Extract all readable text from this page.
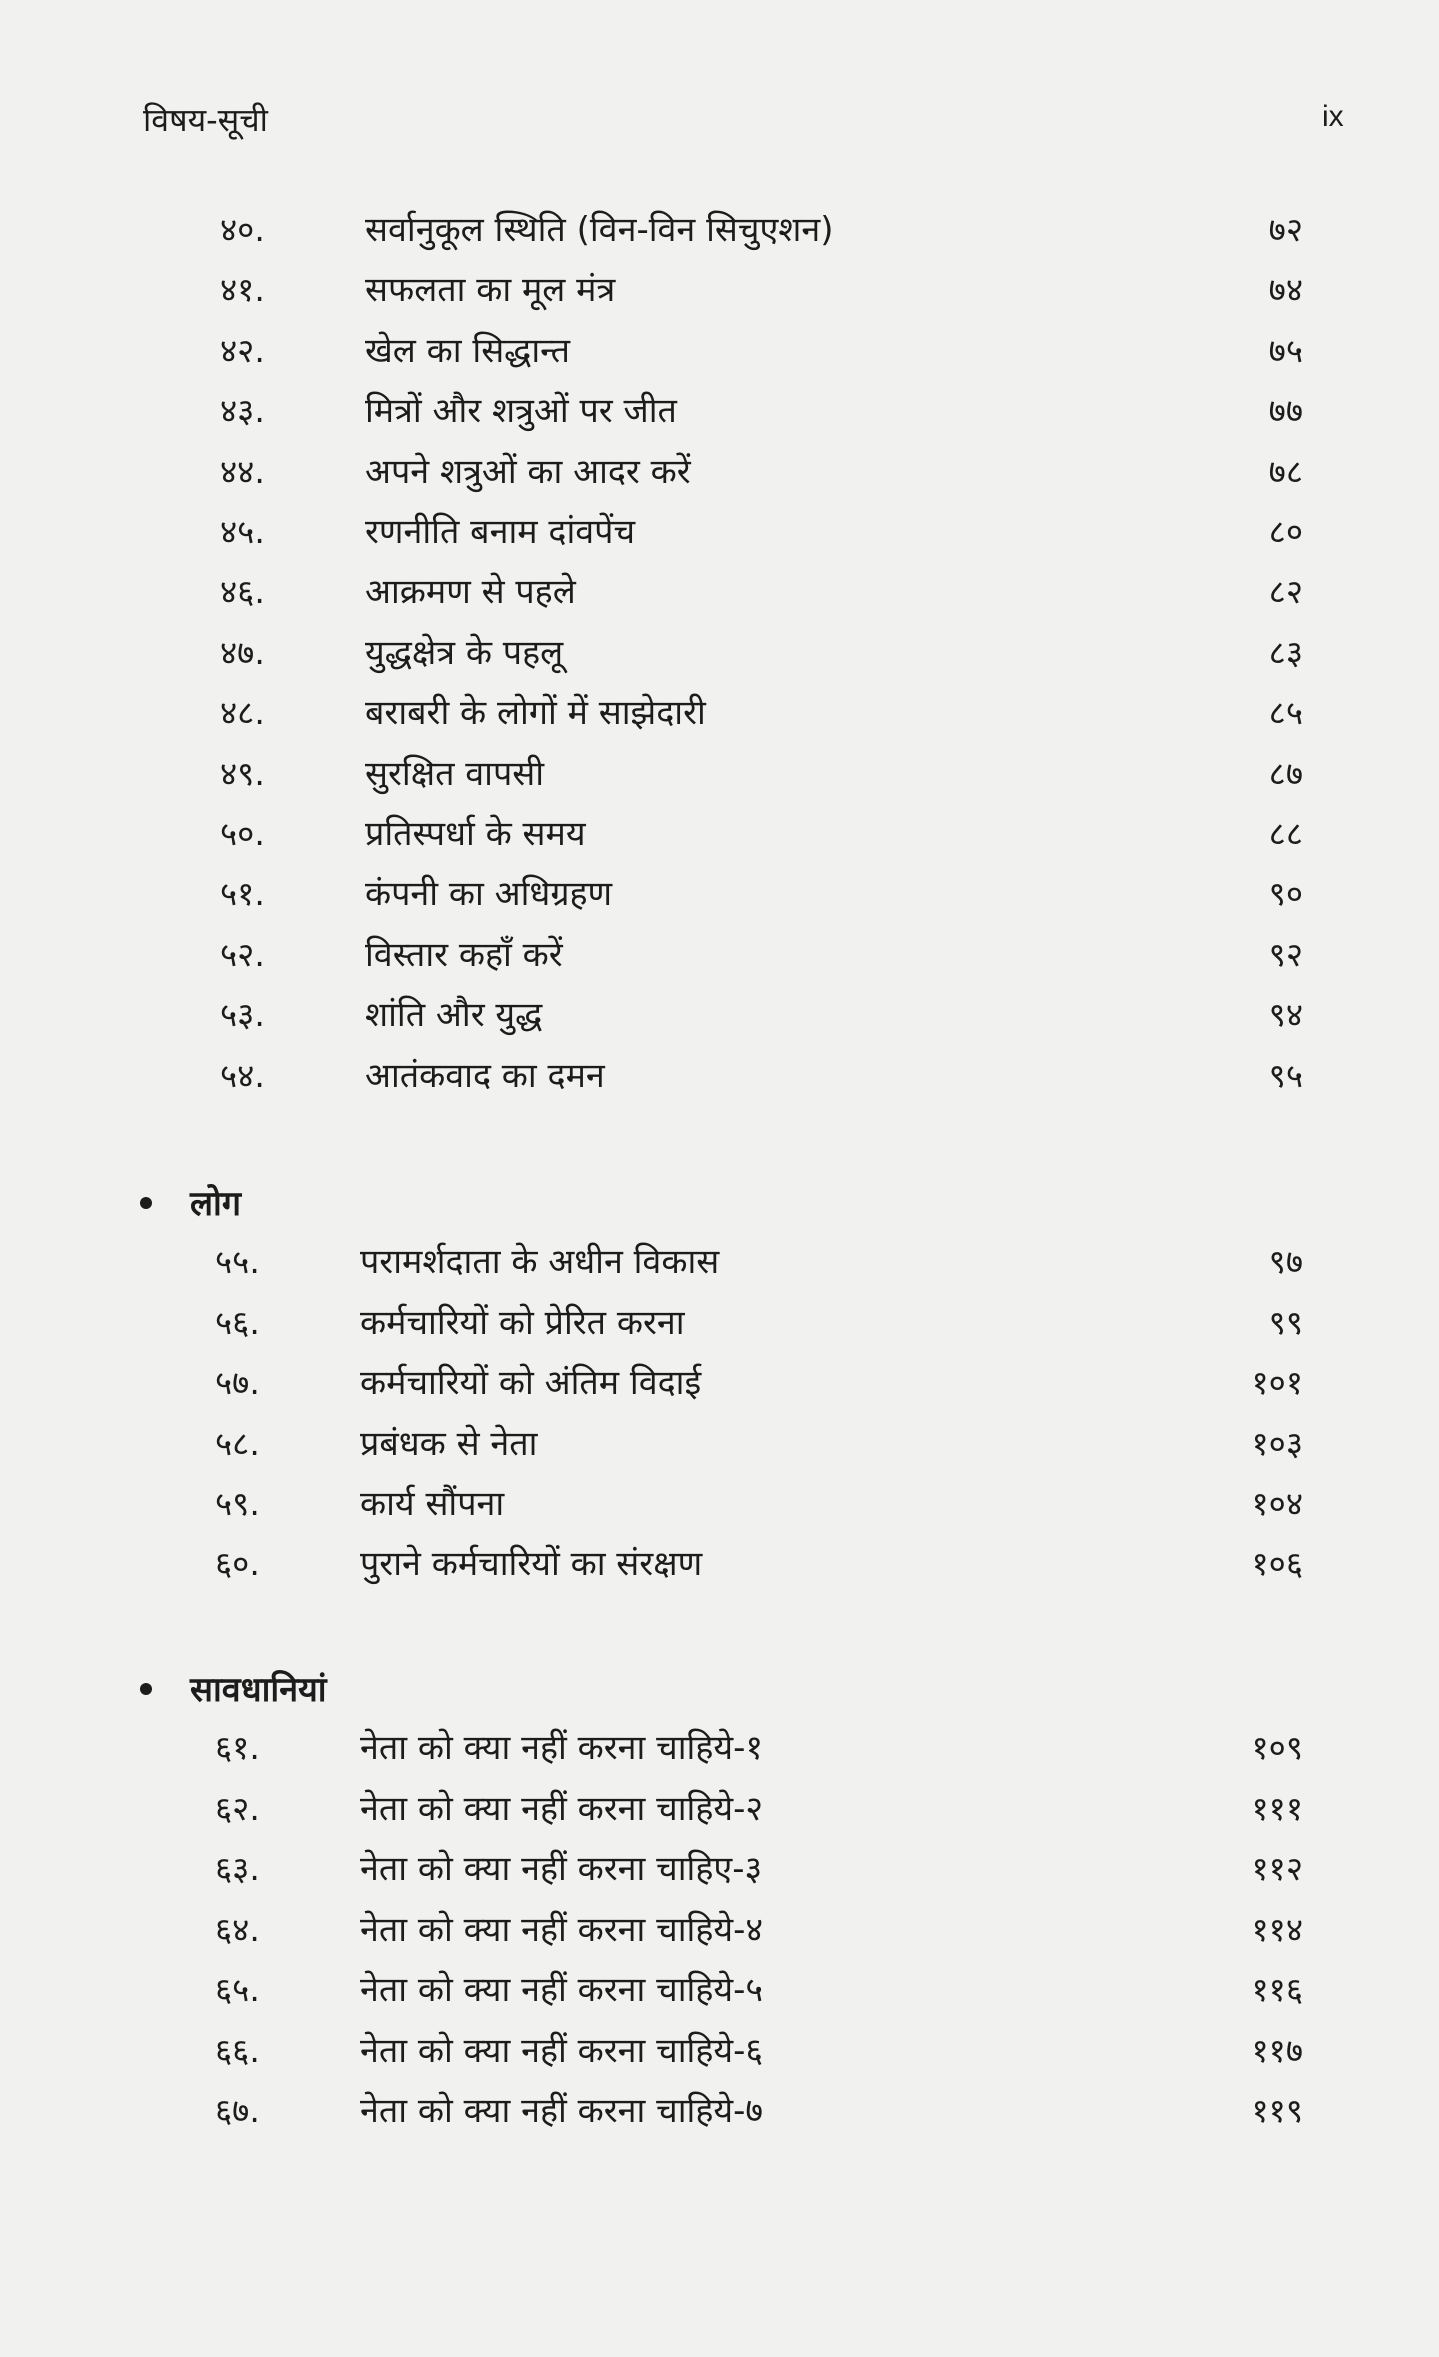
विषय-सूची	ix
४०.	सर्वानुकूल स्थिति (विन-विन सिचुएशन)	७२
४१.	सफलता का मूल मंत्र	७४
४२.	खेल का सिद्धान्त	७५
४३.	मित्रों और शत्रुओं पर जीत	७७
४४.	अपने शत्रुओं का आदर करें	७८
४५.	रणनीति बनाम दांवपेंच	८०
४६.	आक्रमण से पहले	८२
४७.	युद्धक्षेत्र के पहलू	८३
४८.	बराबरी के लोगों में साझेदारी	८५
४९.	सुरक्षित वापसी	८७
५०.	प्रतिस्पर्धा के समय	८८
५१.	कंपनी का अधिग्रहण	९०
५२.	विस्तार कहाँ करें	९२
५३.	शांति और युद्ध	९४
५४.	आतंकवाद का दमन	९५
लोग
५५.	परामर्शदाता के अधीन विकास	९७
५६.	कर्मचारियों को प्रेरित करना	९९
५७.	कर्मचारियों को अंतिम विदाई	१०१
५८.	प्रबंधक से नेता	१०३
५९.	कार्य सौंपना	१०४
६०.	पुराने कर्मचारियों का संरक्षण	१०६
सावधानियां
६१.	नेता को क्या नहीं करना चाहिये-१	१०९
६२.	नेता को क्या नहीं करना चाहिये-२	१११
६३.	नेता को क्या नहीं करना चाहिए-३	११२
६४.	नेता को क्या नहीं करना चाहिये-४	११४
६५.	नेता को क्या नहीं करना चाहिये-५	११६
६६.	नेता को क्या नहीं करना चाहिये-६	११७
६७.	नेता को क्या नहीं करना चाहिये-७	११९
